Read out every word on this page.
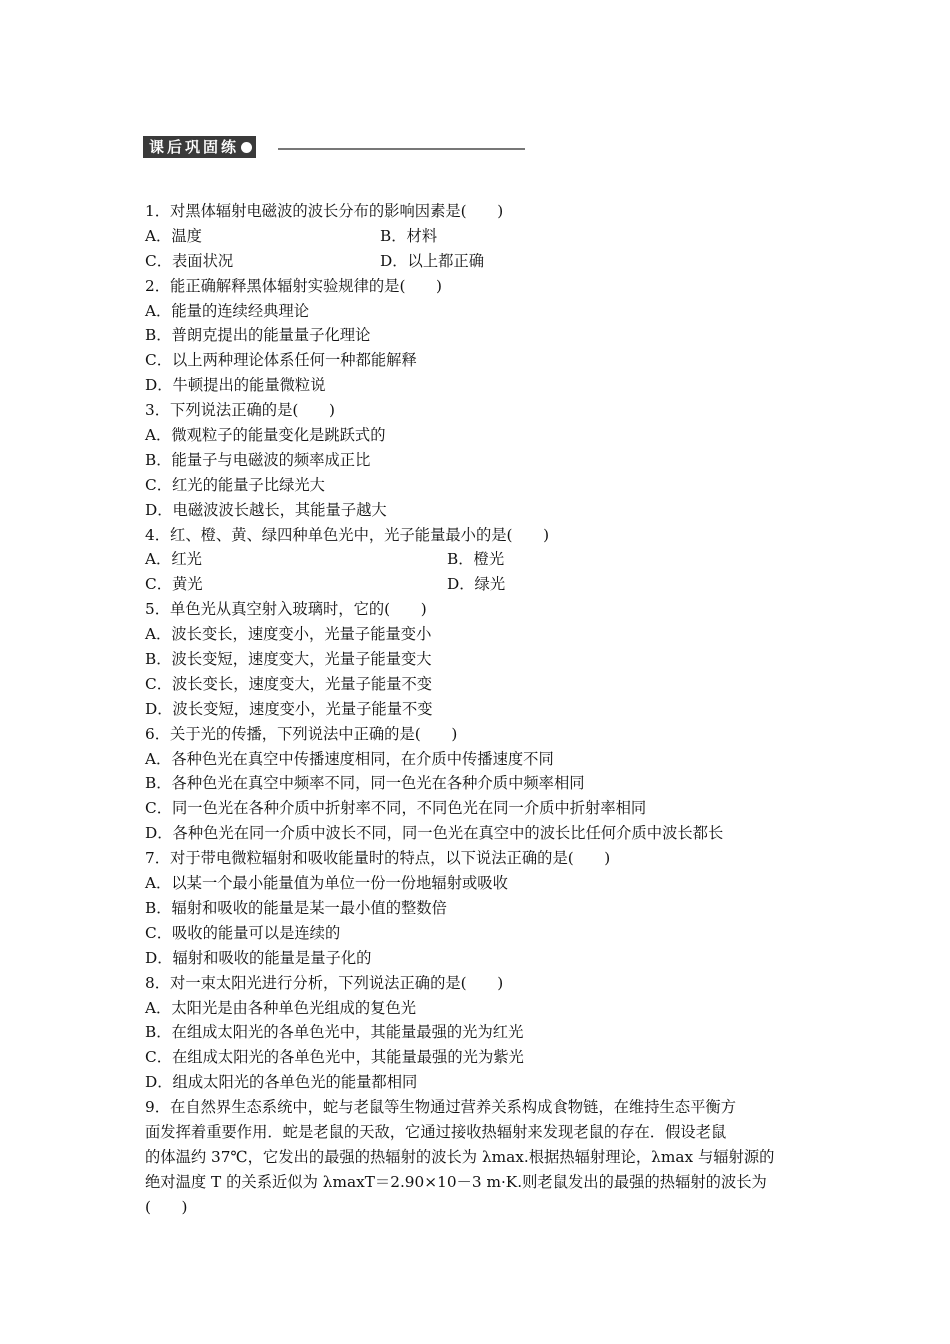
课后巩固练
1．对黑体辐射电磁波的波长分布的影响因素是(　　)
A．温度	B．材料
C．表面状况	D．以上都正确
2．能正确解释黑体辐射实验规律的是(　　)
A．能量的连续经典理论
B．普朗克提出的能量量子化理论
C．以上两种理论体系任何一种都能解释
D．牛顿提出的能量微粒说
3．下列说法正确的是(　　)
A．微观粒子的能量变化是跳跃式的
B．能量子与电磁波的频率成正比
C．红光的能量子比绿光大
D．电磁波波长越长，其能量子越大
4．红、橙、黄、绿四种单色光中，光子能量最小的是(　　)
A．红光	B．橙光
C．黄光	D．绿光
5．单色光从真空射入玻璃时，它的(　　)
A．波长变长，速度变小，光量子能量变小
B．波长变短，速度变大，光量子能量变大
C．波长变长，速度变大，光量子能量不变
D．波长变短，速度变小，光量子能量不变
6．关于光的传播，下列说法中正确的是(　　)
A．各种色光在真空中传播速度相同，在介质中传播速度不同
B．各种色光在真空中频率不同，同一色光在各种介质中频率相同
C．同一色光在各种介质中折射率不同，不同色光在同一介质中折射率相同
D．各种色光在同一介质中波长不同，同一色光在真空中的波长比任何介质中波长都长
7．对于带电微粒辐射和吸收能量时的特点，以下说法正确的是(　　)
A．以某一个最小能量值为单位一份一份地辐射或吸收
B．辐射和吸收的能量是某一最小值的整数倍
C．吸收的能量可以是连续的
D．辐射和吸收的能量是量子化的
8．对一束太阳光进行分析，下列说法正确的是(　　)
A．太阳光是由各种单色光组成的复色光
B．在组成太阳光的各单色光中，其能量最强的光为红光
C．在组成太阳光的各单色光中，其能量最强的光为紫光
D．组成太阳光的各单色光的能量都相同
9．在自然界生态系统中，蛇与老鼠等生物通过营养关系构成食物链，在维持生态平衡方
面发挥着重要作用．蛇是老鼠的天敌，它通过接收热辐射来发现老鼠的存在．假设老鼠
的体温约 37℃，它发出的最强的热辐射的波长为 λmax.根据热辐射理论，λmax 与辐射源的
绝对温度 T 的关系近似为 λmaxT＝2.90×10－3 m·K.则老鼠发出的最强的热辐射的波长为
(　　)
